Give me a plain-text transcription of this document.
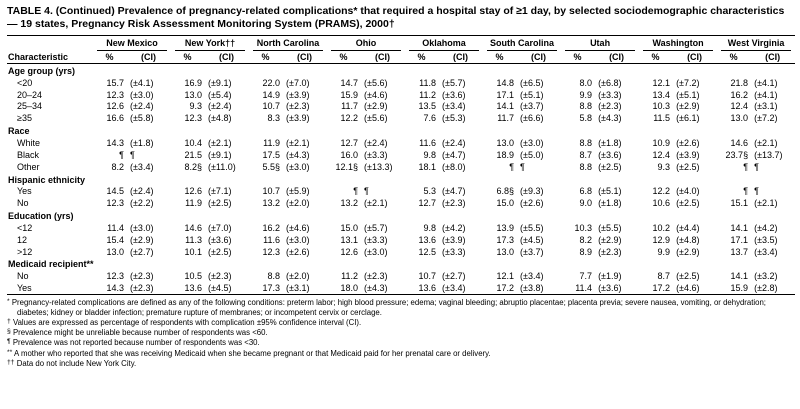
TABLE 4. (Continued) Prevalence of pregnancy-related complications* that required a hospital stay of ≥1 day, by selected sociodemographic characteristics — 19 states, Pregnancy Risk Assessment Monitoring System (PRAMS), 2000†

	New Mexico		New York††		North Carolina		Ohio		Oklahoma		South Carolina		Utah		Washington		West Virginia	

Characteristic	%	(CI)	%	(CI)	%	(CI)	%	(CI)	%	(CI)	%	(CI)	%	(CI)	%	(CI)	%	(CI)
Age group (yrs)																		
<20	15.7	(±4.1)	16.9	(±9.1)	22.0	(±7.0)	14.7	(±5.6)	11.8	(±5.7)	14.8	(±6.5)	8.0	(±6.8)	12.1	(±7.2)	21.8	(±4.1)
20–24	12.3	(±3.0)	13.0	(±5.4)	14.9	(±3.9)	15.9	(±4.6)	11.2	(±3.6)	17.1	(±5.1)	9.9	(±3.3)	13.4	(±5.1)	16.2	(±4.1)
25–34	12.6	(±2.4)	9.3	(±2.4)	10.7	(±2.3)	11.7	(±2.9)	13.5	(±3.4)	14.1	(±3.7)	8.8	(±2.3)	10.3	(±2.9)	12.4	(±3.1)
≥35	16.6	(±5.8)	12.3	(±4.8)	8.3	(±3.9)	12.2	(±5.6)	7.6	(±5.3)	11.7	(±6.6)	5.8	(±4.3)	11.5	(±6.1)	13.0	(±7.2)
Race																		
White	14.3	(±1.8)	10.4	(±2.1)	11.9	(±2.1)	12.7	(±2.4)	11.6	(±2.4)	13.0	(±3.0)	8.8	(±1.8)	10.9	(±2.6)	14.6	(±2.1)
Black	¶	¶	21.5	(±9.1)	17.5	(±4.3)	16.0	(±3.3)	9.8	(±4.7)	18.9	(±5.0)	8.7	(±3.6)	12.4	(±3.9)	23.7§	(±13.7)
Other	8.2	(±3.4)	8.2§	(±11.0)	5.5§	(±3.0)	12.1§	(±13.3)	18.1	(±8.0)	¶	¶	8.8	(±2.5)	9.3	(±2.5)	¶	¶
Hispanic ethnicity																		
Yes	14.5	(±2.4)	12.6	(±7.1)	10.7	(±5.9)	¶	¶	5.3	(±4.7)	6.8§	(±9.3)	6.8	(±5.1)	12.2	(±4.0)	¶	¶
No	12.3	(±2.2)	11.9	(±2.5)	13.2	(±2.0)	13.2	(±2.1)	12.7	(±2.3)	15.0	(±2.6)	9.0	(±1.8)	10.6	(±2.5)	15.1	(±2.1)
Education (yrs)																		
<12	11.4	(±3.0)	14.6	(±7.0)	16.2	(±4.6)	15.0	(±5.7)	9.8	(±4.2)	13.9	(±5.5)	10.3	(±5.5)	10.2	(±4.4)	14.1	(±4.2)
12	15.4	(±2.9)	11.3	(±3.6)	11.6	(±3.0)	13.1	(±3.3)	13.6	(±3.9)	17.3	(±4.5)	8.2	(±2.9)	12.9	(±4.8)	17.1	(±3.5)
>12	13.0	(±2.7)	10.1	(±2.5)	12.3	(±2.6)	12.6	(±3.0)	12.5	(±3.3)	13.0	(±3.7)	8.9	(±2.3)	9.9	(±2.9)	13.7	(±3.4)
Medicaid recipient**																		
No	12.3	(±2.3)	10.5	(±2.3)	8.8	(±2.0)	11.2	(±2.3)	10.7	(±2.7)	12.1	(±3.4)	7.7	(±1.9)	8.7	(±2.5)	14.1	(±3.2)
Yes	14.3	(±2.3)	13.6	(±4.5)	17.3	(±3.1)	18.0	(±4.3)	13.6	(±3.4)	17.2	(±3.8)	11.4	(±3.6)	17.2	(±4.6)	15.9	(±2.8)
* Pregnancy-related complications are defined as any of the following conditions: preterm labor; high blood pressure; edema; vaginal bleeding; abruptio placentae; placenta previa; severe nausea, vomiting, or dehydration; diabetes; kidney or bladder infection; premature rupture of membranes; or incompetent cervix or cerclage.
† Values are expressed as percentage of respondents with complication ±95% confidence interval (CI).
§ Prevalence might be unreliable because number of respondents was <60.
¶ Prevalence was not reported because number of respondents was <30.
** A mother who reported that she was receiving Medicaid when she became pregnant or that Medicaid paid for her prenatal care or delivery.
†† Data do not include New York City.
